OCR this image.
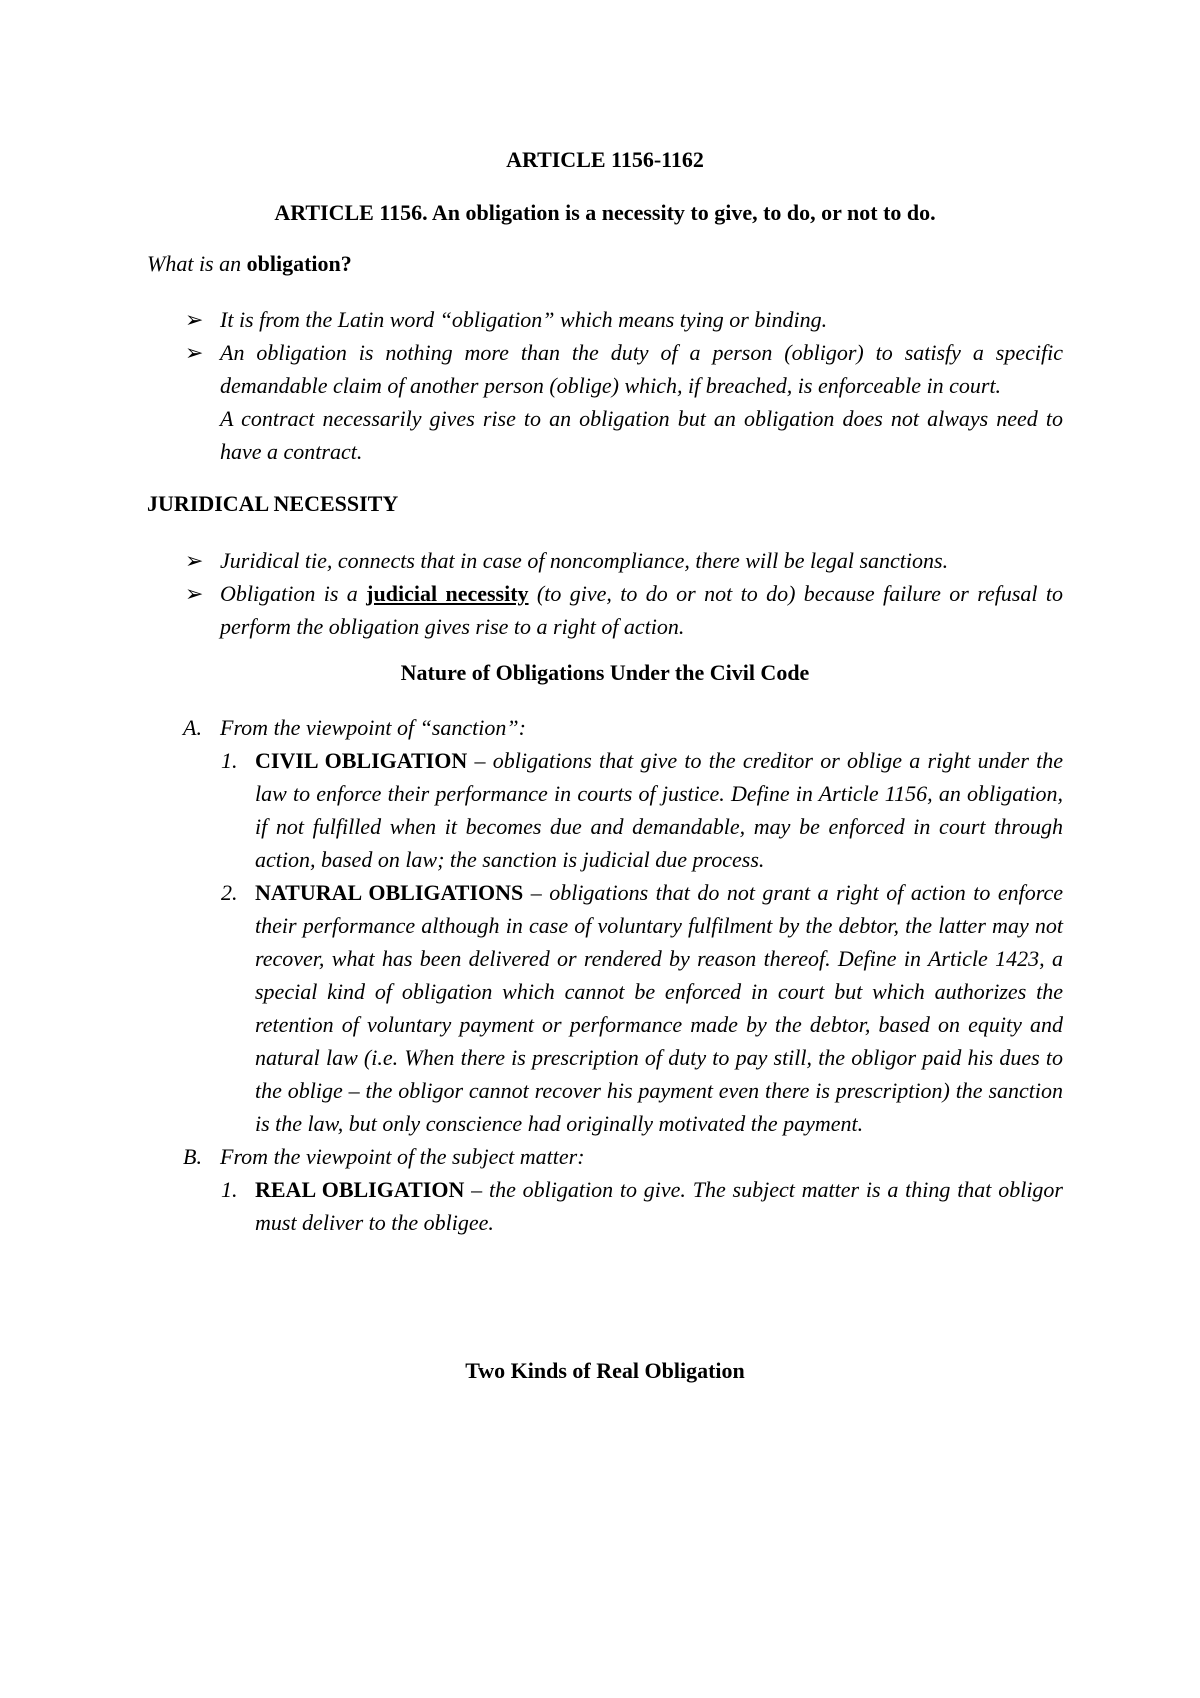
ARTICLE 1156-1162
ARTICLE 1156. An obligation is a necessity to give, to do, or not to do.

What is an obligation?

➢ It is from the Latin word “obligation” which means tying or binding.

➢ An obligation is nothing more than the duty of a person (obligor) to satisfy a specific demandable claim of another person (oblige) which, if breached, is enforceable in court.

A contract necessarily gives rise to an obligation but an obligation does not always need to have a contract.

JURIDICAL NECESSITY
➢ Juridical tie, connects that in case of noncompliance, there will be legal sanctions.

➢ Obligation is a judicial necessity (to give, to do or not to do) because failure or refusal to perform the obligation gives rise to a right of action.

Nature of Obligations Under the Civil Code
A. From the viewpoint of “sanction”:

1. CIVIL OBLIGATION – obligations that give to the creditor or oblige a right under the law to enforce their performance in courts of justice. Define in Article 1156, an obligation, if not fulfilled when it becomes due and demandable, may be enforced in court through action, based on law; the sanction is judicial due process.

2. NATURAL OBLIGATIONS – obligations that do not grant a right of action to enforce their performance although in case of voluntary fulfilment by the debtor, the latter may not recover, what has been delivered or rendered by reason thereof. Define in Article 1423, a special kind of obligation which cannot be enforced in court but which authorizes the retention of voluntary payment or performance made by the debtor, based on equity and natural law (i.e. When there is prescription of duty to pay still, the obligor paid his dues to the oblige – the obligor cannot recover his payment even there is prescription) the sanction is the law, but only conscience had originally motivated the payment.

B. From the viewpoint of the subject matter:

1. REAL OBLIGATION – the obligation to give. The subject matter is a thing that obligor must deliver to the obligee.

Two Kinds of Real Obligation
